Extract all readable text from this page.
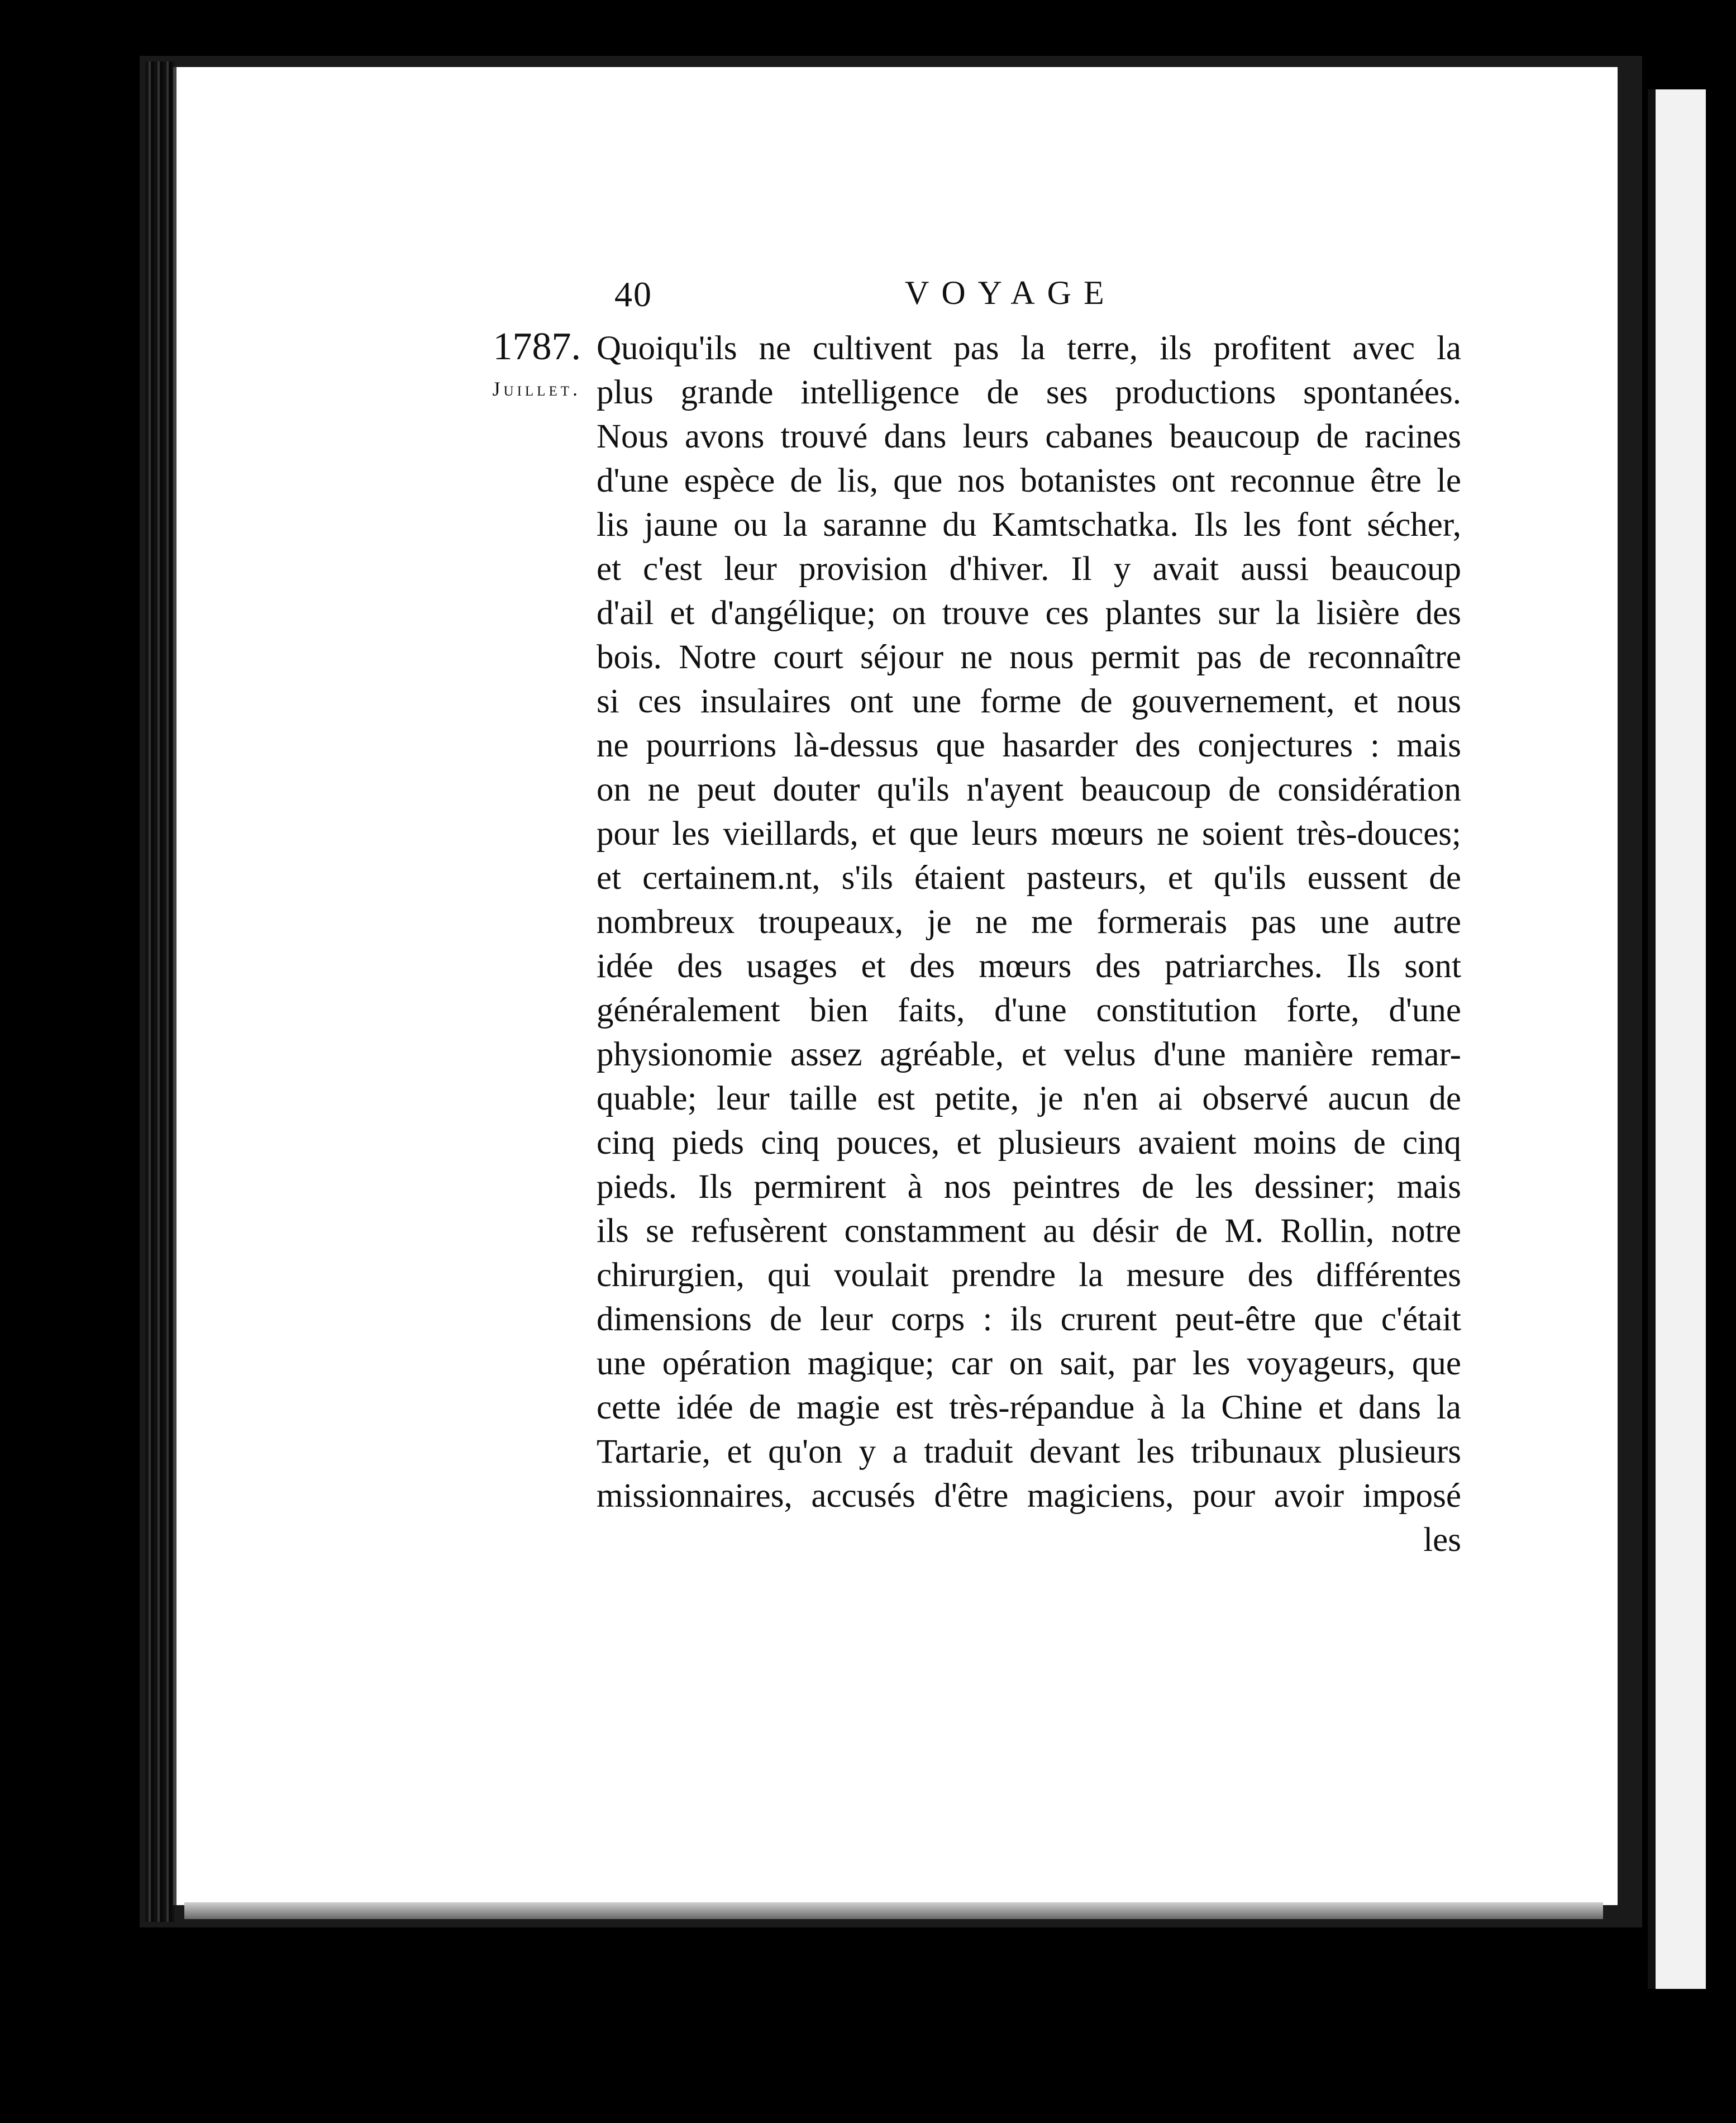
40	VOYAGE
1787.
Juillet.
Quoiqu'ils ne cultivent pas la terre, ils profitent avec la
plus grande intelligence de ses productions spontanées.
Nous avons trouvé dans leurs cabanes beaucoup de racines
d'une espèce de lis, que nos botanistes ont reconnue être le
lis jaune ou la saranne du Kamtschatka. Ils les font sécher,
et c'est leur provision d'hiver. Il y avait aussi beaucoup
d'ail et d'angélique; on trouve ces plantes sur la lisière des
bois. Notre court séjour ne nous permit pas de reconnaître
si ces insulaires ont une forme de gouvernement, et nous
ne pourrions là-dessus que hasarder des conjectures : mais
on ne peut douter qu'ils n'ayent beaucoup de considération
pour les vieillards, et que leurs mœurs ne soient très-douces;
et certainem.nt, s'ils étaient pasteurs, et qu'ils eussent de
nombreux troupeaux, je ne me formerais pas une autre
idée des usages et des mœurs des patriarches. Ils sont
généralement bien faits, d'une constitution forte, d'une
physionomie assez agréable, et velus d'une manière remar-
quable; leur taille est petite, je n'en ai observé aucun de
cinq pieds cinq pouces, et plusieurs avaient moins de cinq
pieds. Ils permirent à nos peintres de les dessiner; mais
ils se refusèrent constamment au désir de M. Rollin, notre
chirurgien, qui voulait prendre la mesure des différentes
dimensions de leur corps : ils crurent peut-être que c'était
une opération magique; car on sait, par les voyageurs, que
cette idée de magie est très-répandue à la Chine et dans la
Tartarie, et qu'on y a traduit devant les tribunaux plusieurs
missionnaires, accusés d'être magiciens, pour avoir imposé
les
